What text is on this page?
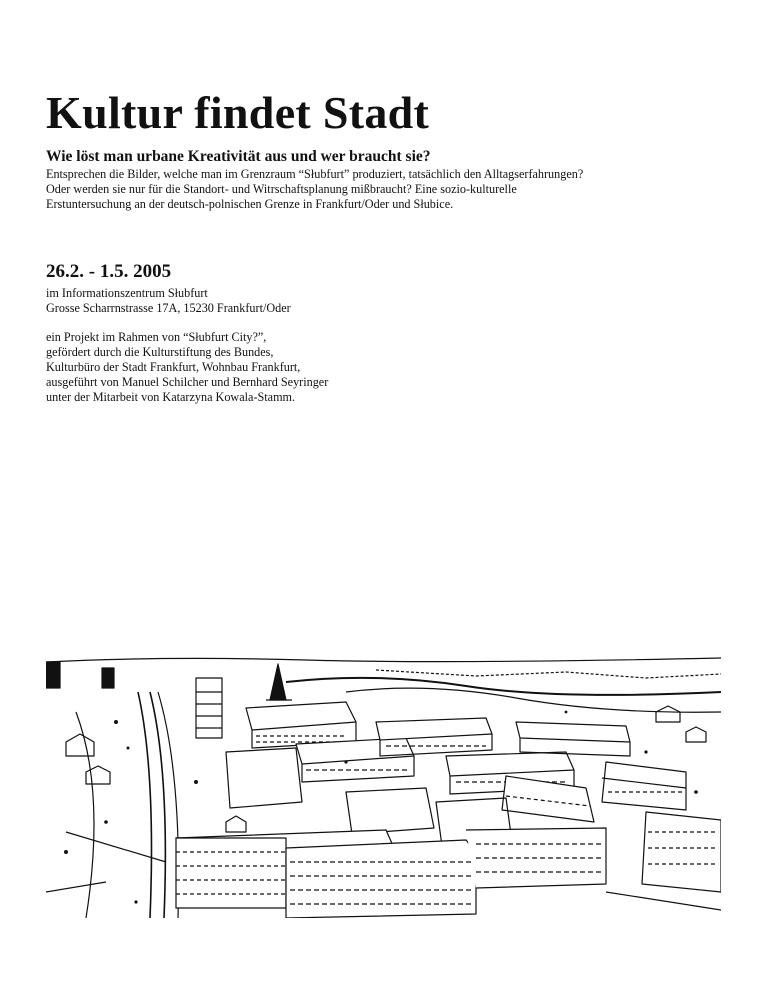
Kultur findet Stadt
Wie löst man urbane Kreativität aus und wer braucht sie?
Entsprechen die Bilder, welche man im Grenzraum “Słubfurt” produziert, tatsächlich den Alltagserfahrungen?
Oder werden sie nur für die Standort- und Witrschaftsplanung mißbraucht? Eine sozio-kulturelle
Erstuntersuchung an der deutsch-polnischen Grenze in Frankfurt/Oder und Słubice.
26.2. - 1.5. 2005
im Informationszentrum Słubfurt
Grosse Scharrnstrasse 17A, 15230 Frankfurt/Oder
ein Projekt im Rahmen von “Słubfurt City?”,
gefördert durch die Kulturstiftung des Bundes,
Kulturbüro der Stadt Frankfurt, Wohnbau Frankfurt,
ausgeführt von Manuel Schilcher und Bernhard Seyringer
unter der Mitarbeit von Katarzyna Kowala-Stamm.
